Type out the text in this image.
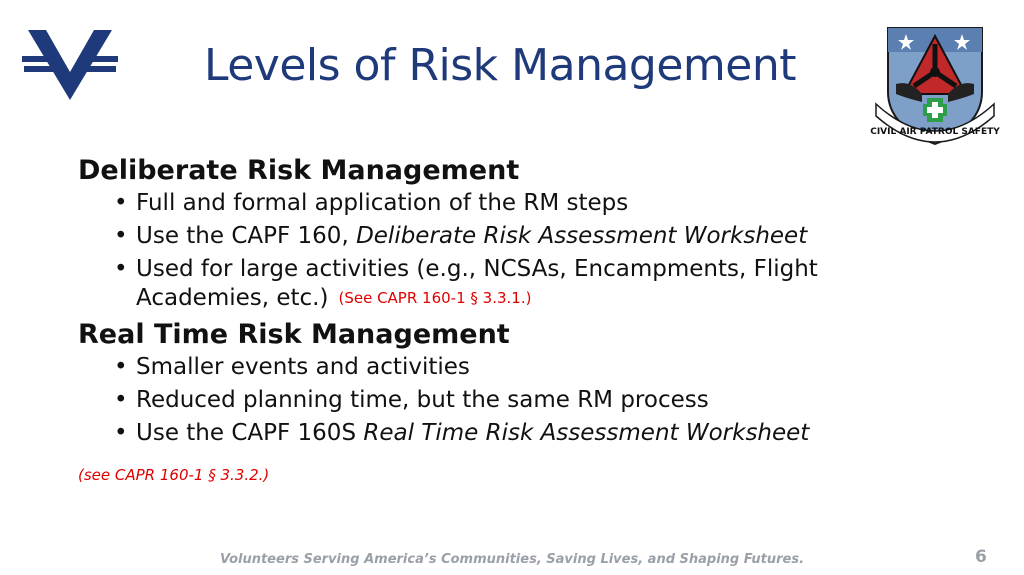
Levels of Risk Management
CIVIL AIR PATROL SAFETY
Deliberate Risk Management
• Full and formal application of the RM steps
• Use the CAPF 160, Deliberate Risk Assessment Worksheet
• Used for large activities (e.g., NCSAs, Encampments, Flight Academies, etc.) (See CAPR 160-1 § 3.3.1.)
Real Time Risk Management
• Smaller events and activities
• Reduced planning time, but the same RM process
• Use the CAPF 160S Real Time Risk Assessment Worksheet
(see CAPR 160-1 § 3.3.2.)
Volunteers Serving America’s Communities, Saving Lives, and Shaping Futures.	6
